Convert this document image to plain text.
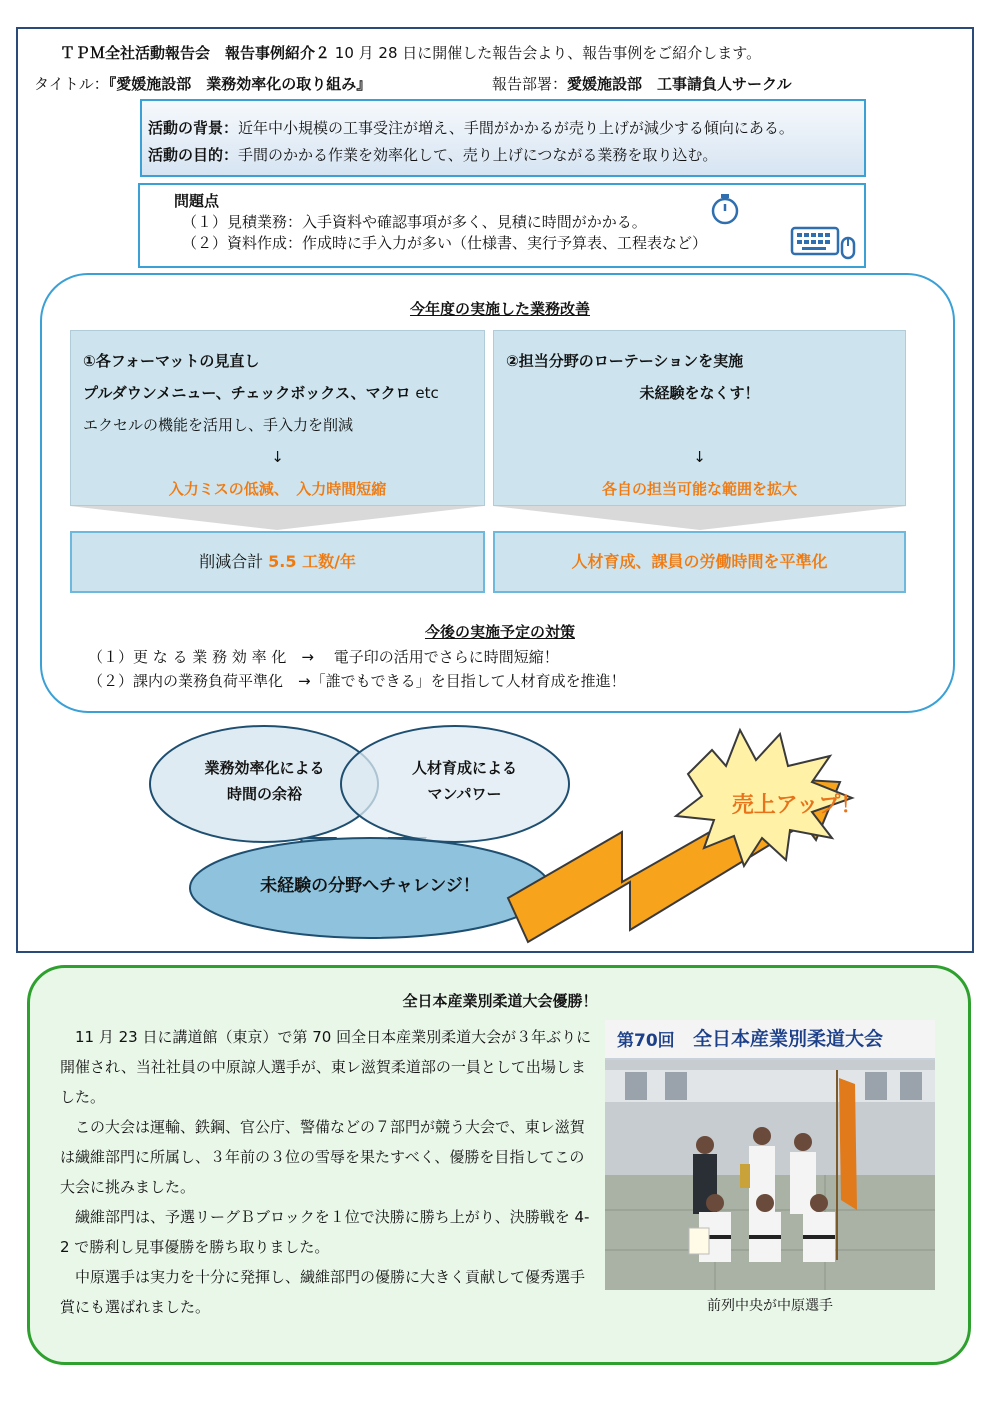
ＴＰＭ全社活動報告会　報告事例紹介２ 10 月 28 日に開催した報告会より、報告事例をご紹介します。
タイトル：『愛媛施設部　業務効率化の取り組み』	報告部署：愛媛施設部　工事請負人サークル
活動の背景：近年中小規模の工事受注が増え、手間がかかるが売り上げが減少する傾向にある。
活動の目的：手間のかかる作業を効率化して、売り上げにつながる業務を取り込む。
問題点
（１）見積業務：入手資料や確認事項が多く、見積に時間がかかる。
（２）資料作成：作成時に手入力が多い（仕様書、実行予算表、工程表など）
今年度の実施した業務改善
①各フォーマットの見直し
プルダウンメニュー、チェックボックス、マクロ etc
エクセルの機能を活用し、手入力を削減
↓
入力ミスの低減、　入力時間短縮
②担当分野のローテーションを実施
未経験をなくす！
↓
各自の担当可能な範囲を拡大
削減合計 5.5 工数/年	人材育成、課員の労働時間を平準化
今後の実施予定の対策
（１）更 な る 業 務 効 率 化　→　 電子印の活用でさらに時間短縮！
（２）課内の業務負荷平準化　→「誰でもできる」を目指して人材育成を推進！
業務効率化による
時間の余裕
人材育成による
マンパワー
未経験の分野へチャレンジ！
売上アップ！
全日本産業別柔道大会優勝！

11 月 23 日に講道館（東京）で第 70 回全日本産業別柔道大会が３年ぶりに開催され、当社社員の中原諒人選手が、東レ滋賀柔道部の一員として出場しました。

この大会は運輸、鉄鋼、官公庁、警備などの７部門が競う大会で、東レ滋賀は繊維部門に所属し、３年前の３位の雪辱を果たすべく、優勝を目指してこの大会に挑みました。

繊維部門は、予選リーグＢブロックを１位で決勝に勝ち上がり、決勝戦を 4-2 で勝利し見事優勝を勝ち取りました。

中原選手は実力を十分に発揮し、繊維部門の優勝に大きく貢献して優秀選手賞にも選ばれました。

第70回 全日本産業別柔道大会
前列中央が中原選手
